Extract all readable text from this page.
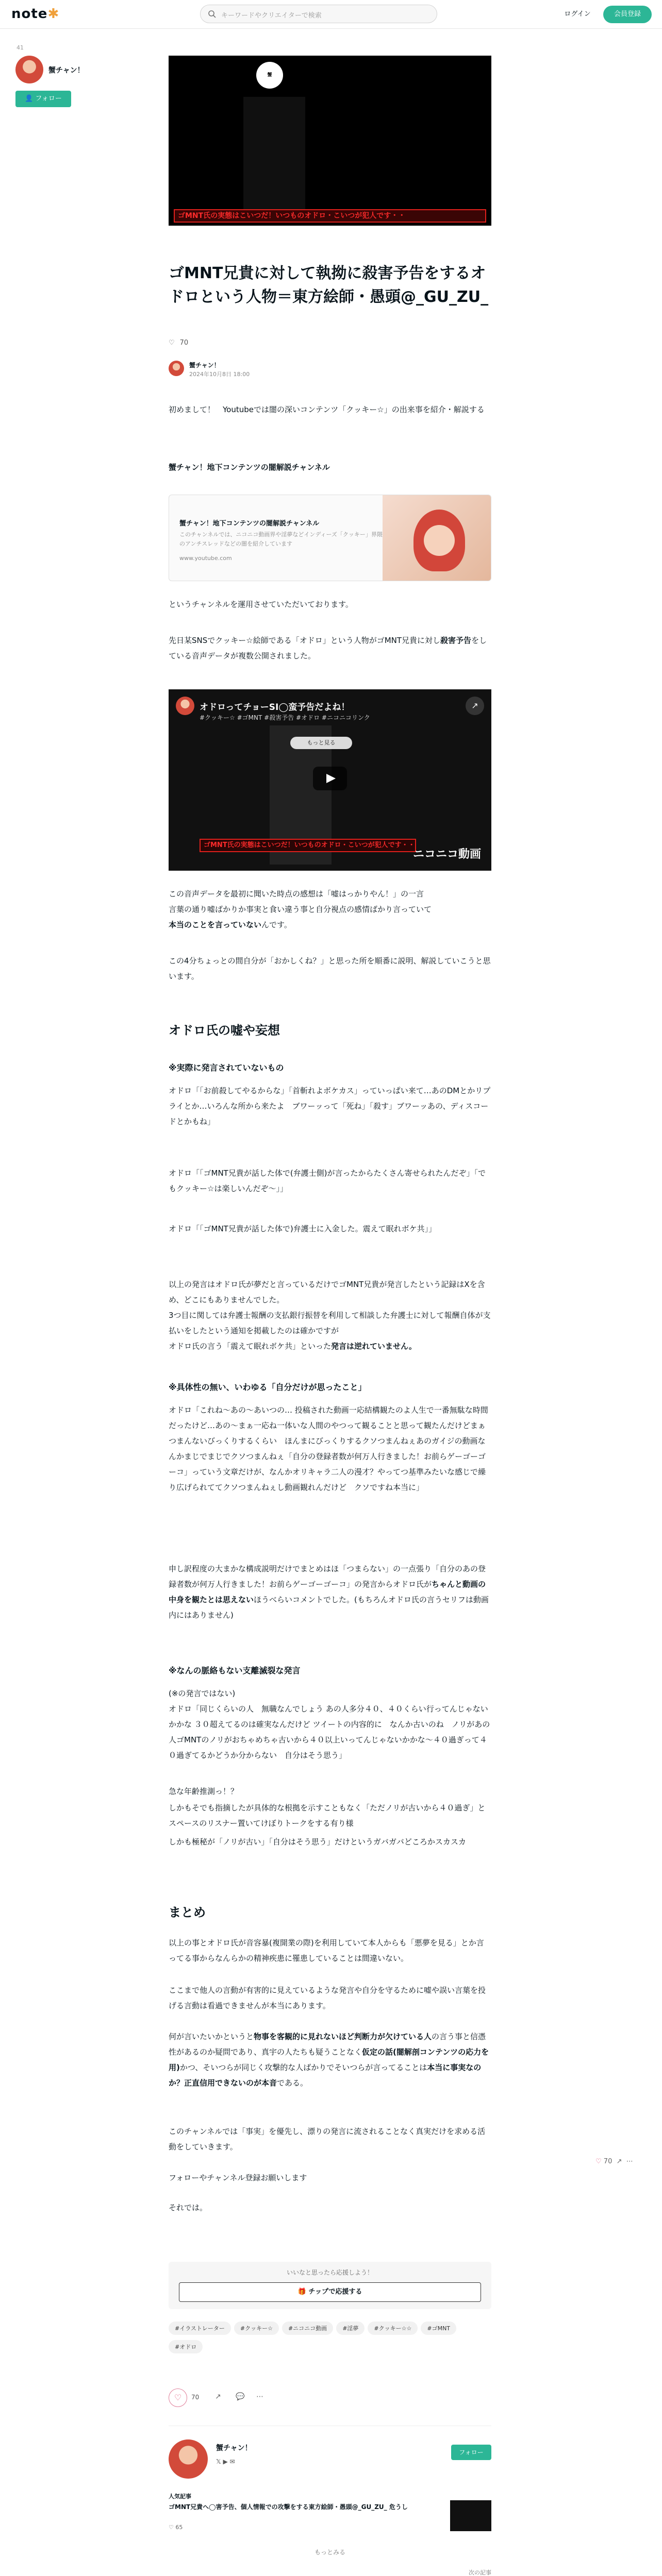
note✱	キーワードやクリエイターで検索	ログイン	会員登録
41
蟹チャン！
👤 フォロー
蟹
ゴMNT氏の実態はこいつだ！いつものオドロ・こいつが犯人です・・
ゴMNT兄貴に対して執拗に殺害予告をするオドロという人物＝東方絵師・愚頭@_GU_ZU_
♡ 70
蟹チャン！
2024年10月8日 18:00
初めまして！　Youtubeでは闇の深いコンテンツ「クッキー☆」の出来事を紹介・解説する
蟹チャン！地下コンテンツの闇解説チャンネル
蟹チャン！地下コンテンツの闇解説チャンネル
このチャンネルでは、ニコニコ動画界や淫夢などインディーズ「クッキー」界隈のアンチスレッドなどの闇を紹介しています
www.youtube.com
というチャンネルを運用させていただいております。
先日某SNSでクッキー☆絵師である「オドロ」という人物がゴMNT兄貴に対し殺害予告をしている音声データが複数公開されました。
オドロってチョーSI◯蛮予告だよね！
#クッキー☆ #ゴMNT #殺害予告 #オドロ #ニコニコリンク
↗
もっと見る
ゴMNT氏の実態はこいつだ！いつものオドロ・こいつが犯人です・・
ニコニコ動画
この音声データを最初に聞いた時点の感想は「嘘はっかりやん！」の一言
言葉の通り嘘ばかりか事実と食い違う事と自分視点の感情ばかり言っていて
本当のことを言っていないんです。
この4分ちょっとの間自分が「おかしくね？」と思った所を順番に説明、解説していこうと思います。
オドロ氏の嘘や妄想
※実際に発言されていないもの
オドロ「「お前殺してやるからな」「首斬れよボケカス」っていっぱい来て…あのDMとかリプライとか…いろんな所から来たよ　ブワーッって「死ね」「殺す」ブワーッあの、ディスコードとかもね」
オドロ「「ゴMNT兄貴が話した体で(弁護士側)が言ったからたくさん寄せられたんだぞ」「でもクッキー☆は楽しいんだぞ〜」」
オドロ「「ゴMNT兄貴が話した体で)弁護士に入金した。震えて眠れボケ共」」
以上の発言はオドロ氏が夢だと言っているだけでゴMNT兄貴が発言したという記録はXを含め、どこにもありませんでした。
3つ目に関しては弁護士報酬の支払銀行振替を利用して相談した弁護士に対して報酬自体が支払いをしたという通知を掲載したのは確かですが
オドロ氏の言う「震えて眠れボケ共」といった発言は逆れていません。
※具体性の無い、いわゆる「自分だけが思ったこと」
オドロ「これね〜あの〜あいつの… 投稿された動画一応結構観たのよ人生で一番無駄な時間だったけど…あの〜まぁ一応ね一体いな人間のやつって観ることと思って観たんだけどまぁつまんないびっくりするくらい　ほんまにびっくりするクソつまんねぇあのガイジの動画なんかまじでまじでクソつまんねぇ「自分の登録者数が何万人行きました！お前らゲーゴーゴーコ」っていう文章だけが、なんかオリキャラ二人の漫才？やってつ基準みたいな感じで繰り広げられててクソつまんねぇし動画観れんだけど　クソですね本当に」
申し訳程度の大まかな構成説明だけでまとめはほ「つまらない」の一点張り「自分のあの登録者数が何万人行きました！お前らゲーゴーゴーコ」の発言からオドロ氏がちゃんと動画の中身を観たとは思えないほうべらいコメントでした。(もちろんオドロ氏の言うセリフは動画内にはありません)
※なんの脈絡もない支離滅裂な発言
(※の発言ではない)
オドロ「同じくらいの人　無職なんでしょう あの人多分４０、４０くらい行ってんじゃないかかな ３０超えてるのは確実なんだけど ツイートの内容的に　なんか古いのね　ノリがあの人ゴMNTのノリがおちゃめちゃ古いから４０以上いってんじゃないかかな〜４０過ぎって４０過ぎてるかどうか分からない　自分はそう思う」
急な年齢推測っ！？
しかもそでも指摘したが具体的な根拠を示すこともなく「ただノリが古いから４０過ぎ」とスペースのリスナー置いてけぼりトークをする有り様
しかも極秘が「ノリが古い」「自分はそう思う」だけというガバガバどころかスカスカ
まとめ
以上の事とオドロ氏が音容暴(複開業の際)を利用していて本人からも「悪夢を見る」とか言ってる事からなんらかの精神疾患に罹患していることは間違いない。
ここまで他人の言動が有害的に見えているような発言や自分を守るために嘘や誤い言葉を投げる言動は看過できませんが本当にあります。
何が言いたいかというと物事を客観的に見れないほど判断力が欠けている人の言う事と信憑性があるのか疑問であり、真宇の人たちも疑うことなく仮定の話(闇解剖コンテンツの応力を用)かつ、そいつらが同じく攻撃的な人ばかりでそいつらが言ってることは本当に事実なのか？正直信用できないのが本音である。
このチャンネルでは「事実」を優先し、漂りの発言に流されることなく真実だけを求める活動をしていきます。
フォローやチャンネル登録お願いします
それでは。
いいなと思ったら応援しよう！
🎁 チップで応援する
#イラストレーター	#クッキー☆	#ニコニコ動画	#淫夢	#クッキー☆☆	#ゴMNT#オドロ
♡	70 ↗ 💬 ⋯
蟹チャン！
𝕏 ▶ ✉
フォロー
人気記事
ゴMNT兄貴へ◯害予告、個人情報での攻撃をする東方絵師・愚頭@_GU_ZU_ 危うし
♡ 65
もっとみる
次の記事
♡ 70 ↗ ⋯
